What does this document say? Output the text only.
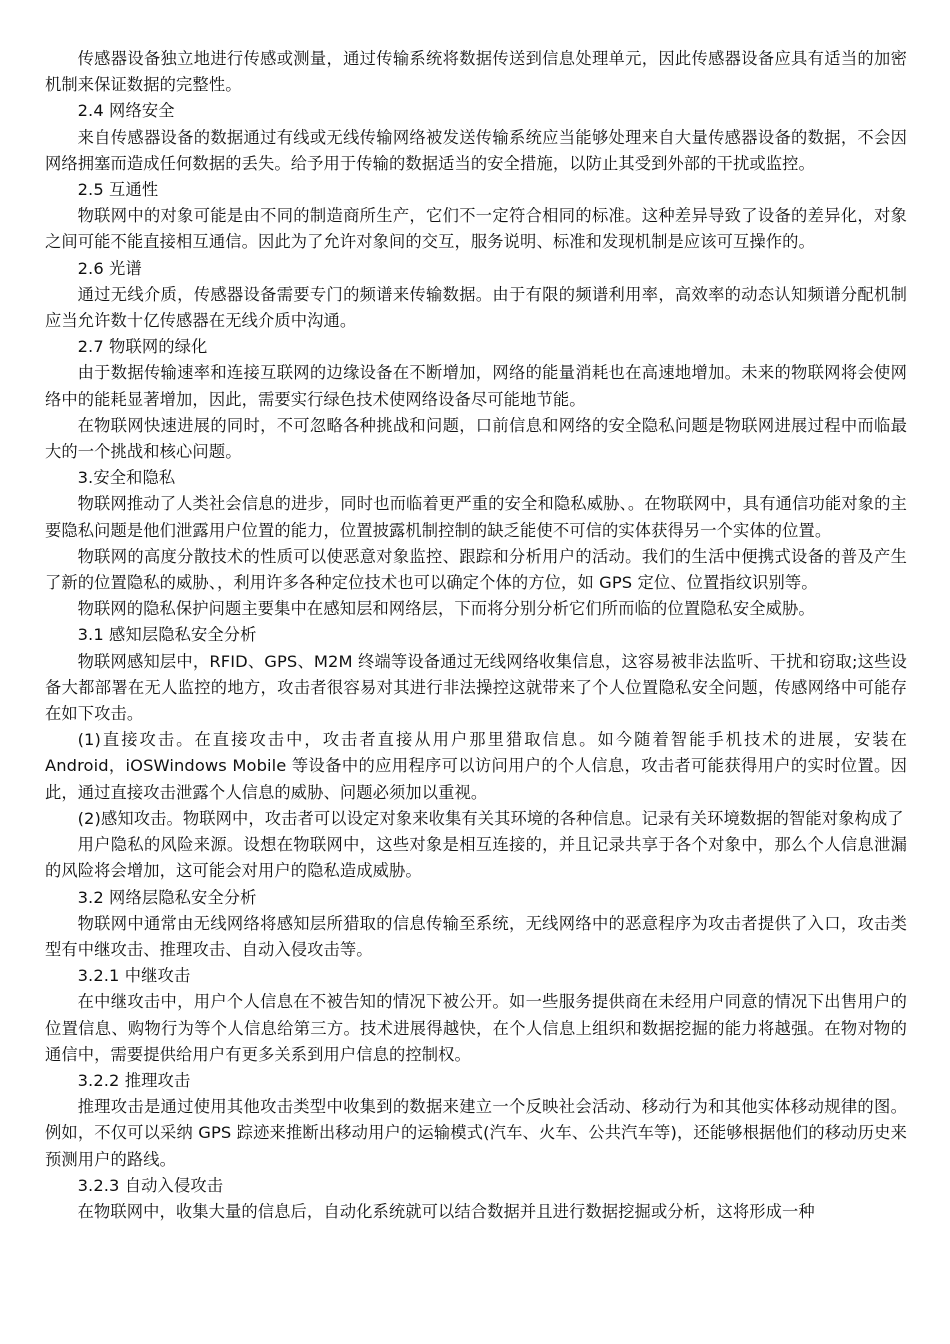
传感器设备独立地进行传感或测量，通过传输系统将数据传送到信息处理单元，因此传感器设备应具有适当的加密机制来保证数据的完整性。

2.4 网络安全

来自传感器设备的数据通过有线或无线传输网络被发送传输系统应当能够处理来自大量传感器设备的数据，不会因网络拥塞而造成任何数据的丢失。给予用于传输的数据适当的安全措施，以防止其受到外部的干扰或监控。

2.5 互通性

物联网中的对象可能是由不同的制造商所生产，它们不一定符合相同的标准。这种差异导致了设备的差异化，对象之间可能不能直接相互通信。因此为了允许对象间的交互，服务说明、标准和发现机制是应该可互操作的。

2.6 光谱

通过无线介质，传感器设备需要专门的频谱来传输数据。由于有限的频谱利用率，高效率的动态认知频谱分配机制应当允许数十亿传感器在无线介质中沟通。

2.7 物联网的绿化

由于数据传输速率和连接互联网的边缘设备在不断增加，网络的能量消耗也在高速地增加。未来的物联网将会使网络中的能耗显著增加，因此，需要实行绿色技术使网络设备尽可能地节能。

在物联网快速进展的同时，不可忽略各种挑战和问题，口前信息和网络的安全隐私问题是物联网进展过程中而临最大的一个挑战和核心问题。

3.安全和隐私

物联网推动了人类社会信息的进步，同时也而临着更严重的安全和隐私威胁、。在物联网中，具有通信功能对象的主要隐私问题是他们泄露用户位置的能力，位置披露机制控制的缺乏能使不可信的实体获得另一个实体的位置。

物联网的高度分散技术的性质可以使恶意对象监控、跟踪和分析用户的活动。我们的生活中便携式设备的普及产生了新的位置隐私的威胁、，利用许多各种定位技术也可以确定个体的方位，如 GPS 定位、位置指纹识别等。

物联网的隐私保护问题主要集中在感知层和网络层，下而将分别分析它们所而临的位置隐私安全威胁。

3.1 感知层隐私安全分析

物联网感知层中，RFID、GPS、M2M 终端等设备通过无线网络收集信息，这容易被非法监听、干扰和窃取;这些设备大都部署在无人监控的地方，攻击者很容易对其进行非法操控这就带来了个人位置隐私安全问题，传感网络中可能存在如下攻击。

(1)直接攻击。在直接攻击中，攻击者直接从用户那里猎取信息。如今随着智能手机技术的进展，安装在 Android，iOSWindows Mobile 等设备中的应用程序可以访问用户的个人信息，攻击者可能获得用户的实时位置。因此，通过直接攻击泄露个人信息的威胁、问题必须加以重视。

(2)感知攻击。物联网中，攻击者可以设定对象来收集有关其环境的各种信息。记录有关环境数据的智能对象构成了

用户隐私的风险来源。设想在物联网中，这些对象是相互连接的，并且记录共享于各个对象中，那么个人信息泄漏的风险将会增加，这可能会对用户的隐私造成威胁。

3.2 网络层隐私安全分析

物联网中通常由无线网络将感知层所猎取的信息传输至系统，无线网络中的恶意程序为攻击者提供了入口，攻击类型有中继攻击、推理攻击、自动入侵攻击等。

3.2.1 中继攻击

在中继攻击中，用户个人信息在不被告知的情况下被公开。如一些服务提供商在未经用户同意的情况下出售用户的位置信息、购物行为等个人信息给第三方。技术进展得越快，在个人信息上组织和数据挖掘的能力将越强。在物对物的通信中，需要提供给用户有更多关系到用户信息的控制权。

3.2.2 推理攻击

推理攻击是通过使用其他攻击类型中收集到的数据来建立一个反映社会活动、移动行为和其他实体移动规律的图。例如，不仅可以采纳 GPS 踪迹来推断出移动用户的运输模式(汽车、火车、公共汽车等)，还能够根据他们的移动历史来预测用户的路线。

3.2.3 自动入侵攻击

在物联网中，收集大量的信息后，自动化系统就可以结合数据并且进行数据挖掘或分析，这将形成一种
